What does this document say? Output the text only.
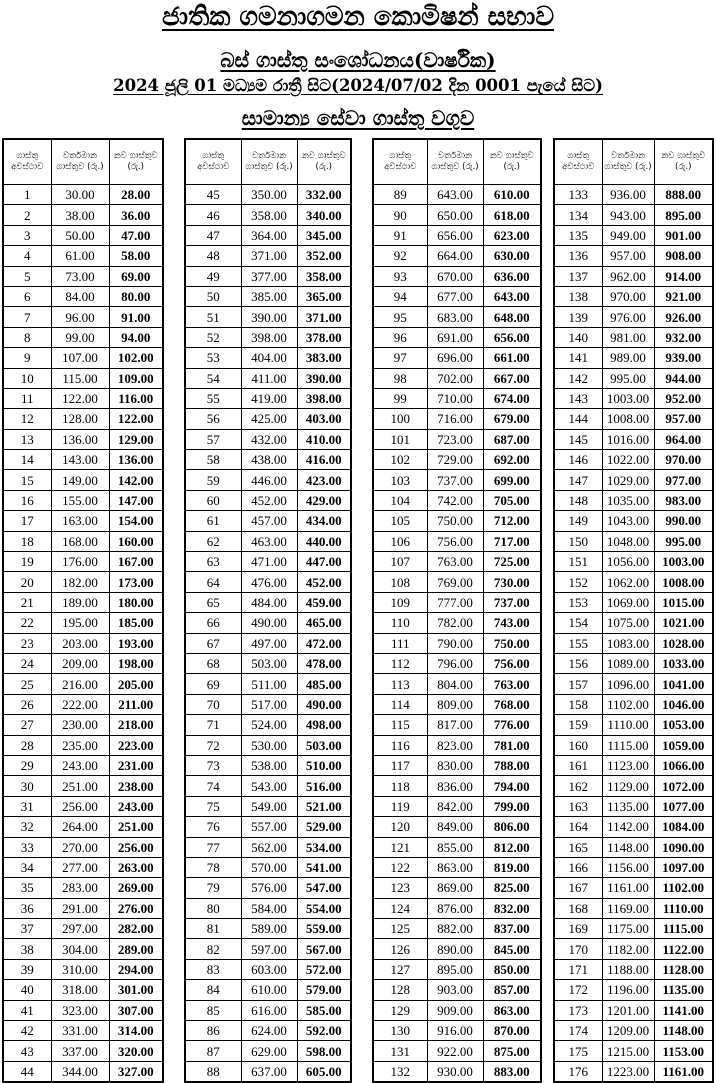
ජාතික ගමනාගමන කොමිෂන් සභාව
බස් ගාස්තු සංශෝධනය(වාර්ෂික)
2024 ජූලි 01 මධ්‍යම රාත්‍රී සිට(2024/07/02 දින 0001 පැයේ සිට)
සාමාන්‍ය සේවා ගාස්තු වගුව
ගාස්තු අවස්ථාව	වර්තමාන ගාස්තුව (රු.)	නව ගාස්තුව (රු.)
1	30.00	28.00
2	38.00	36.00
3	50.00	47.00
4	61.00	58.00
5	73.00	69.00
6	84.00	80.00
7	96.00	91.00
8	99.00	94.00
9	107.00	102.00
10	115.00	109.00
11	122.00	116.00
12	128.00	122.00
13	136.00	129.00
14	143.00	136.00
15	149.00	142.00
16	155.00	147.00
17	163.00	154.00
18	168.00	160.00
19	176.00	167.00
20	182.00	173.00
21	189.00	180.00
22	195.00	185.00
23	203.00	193.00
24	209.00	198.00
25	216.00	205.00
26	222.00	211.00
27	230.00	218.00
28	235.00	223.00
29	243.00	231.00
30	251.00	238.00
31	256.00	243.00
32	264.00	251.00
33	270.00	256.00
34	277.00	263.00
35	283.00	269.00
36	291.00	276.00
37	297.00	282.00
38	304.00	289.00
39	310.00	294.00
40	318.00	301.00
41	323.00	307.00
42	331.00	314.00
43	337.00	320.00
44	344.00	327.00
ගාස්තු අවස්ථාව	වර්තමාන ගාස්තුව (රු.)	නව ගාස්තුව (රු.)
45	350.00	332.00
46	358.00	340.00
47	364.00	345.00
48	371.00	352.00
49	377.00	358.00
50	385.00	365.00
51	390.00	371.00
52	398.00	378.00
53	404.00	383.00
54	411.00	390.00
55	419.00	398.00
56	425.00	403.00
57	432.00	410.00
58	438.00	416.00
59	446.00	423.00
60	452.00	429.00
61	457.00	434.00
62	463.00	440.00
63	471.00	447.00
64	476.00	452.00
65	484.00	459.00
66	490.00	465.00
67	497.00	472.00
68	503.00	478.00
69	511.00	485.00
70	517.00	490.00
71	524.00	498.00
72	530.00	503.00
73	538.00	510.00
74	543.00	516.00
75	549.00	521.00
76	557.00	529.00
77	562.00	534.00
78	570.00	541.00
79	576.00	547.00
80	584.00	554.00
81	589.00	559.00
82	597.00	567.00
83	603.00	572.00
84	610.00	579.00
85	616.00	585.00
86	624.00	592.00
87	629.00	598.00
88	637.00	605.00
ගාස්තු අවස්ථාව	වර්තමාන ගාස්තුව (රු.)	නව ගාස්තුව (රු.)
89	643.00	610.00
90	650.00	618.00
91	656.00	623.00
92	664.00	630.00
93	670.00	636.00
94	677.00	643.00
95	683.00	648.00
96	691.00	656.00
97	696.00	661.00
98	702.00	667.00
99	710.00	674.00
100	716.00	679.00
101	723.00	687.00
102	729.00	692.00
103	737.00	699.00
104	742.00	705.00
105	750.00	712.00
106	756.00	717.00
107	763.00	725.00
108	769.00	730.00
109	777.00	737.00
110	782.00	743.00
111	790.00	750.00
112	796.00	756.00
113	804.00	763.00
114	809.00	768.00
115	817.00	776.00
116	823.00	781.00
117	830.00	788.00
118	836.00	794.00
119	842.00	799.00
120	849.00	806.00
121	855.00	812.00
122	863.00	819.00
123	869.00	825.00
124	876.00	832.00
125	882.00	837.00
126	890.00	845.00
127	895.00	850.00
128	903.00	857.00
129	909.00	863.00
130	916.00	870.00
131	922.00	875.00
132	930.00	883.00
ගාස්තු අවස්ථාව	වර්තමාන ගාස්තුව (රු.)	නව ගාස්තුව (රු.)
133	936.00	888.00
134	943.00	895.00
135	949.00	901.00
136	957.00	908.00
137	962.00	914.00
138	970.00	921.00
139	976.00	926.00
140	981.00	932.00
141	989.00	939.00
142	995.00	944.00
143	1003.00	952.00
144	1008.00	957.00
145	1016.00	964.00
146	1022.00	970.00
147	1029.00	977.00
148	1035.00	983.00
149	1043.00	990.00
150	1048.00	995.00
151	1056.00	1003.00
152	1062.00	1008.00
153	1069.00	1015.00
154	1075.00	1021.00
155	1083.00	1028.00
156	1089.00	1033.00
157	1096.00	1041.00
158	1102.00	1046.00
159	1110.00	1053.00
160	1115.00	1059.00
161	1123.00	1066.00
162	1129.00	1072.00
163	1135.00	1077.00
164	1142.00	1084.00
165	1148.00	1090.00
166	1156.00	1097.00
167	1161.00	1102.00
168	1169.00	1110.00
169	1175.00	1115.00
170	1182.00	1122.00
171	1188.00	1128.00
172	1196.00	1135.00
173	1201.00	1141.00
174	1209.00	1148.00
175	1215.00	1153.00
176	1223.00	1161.00
